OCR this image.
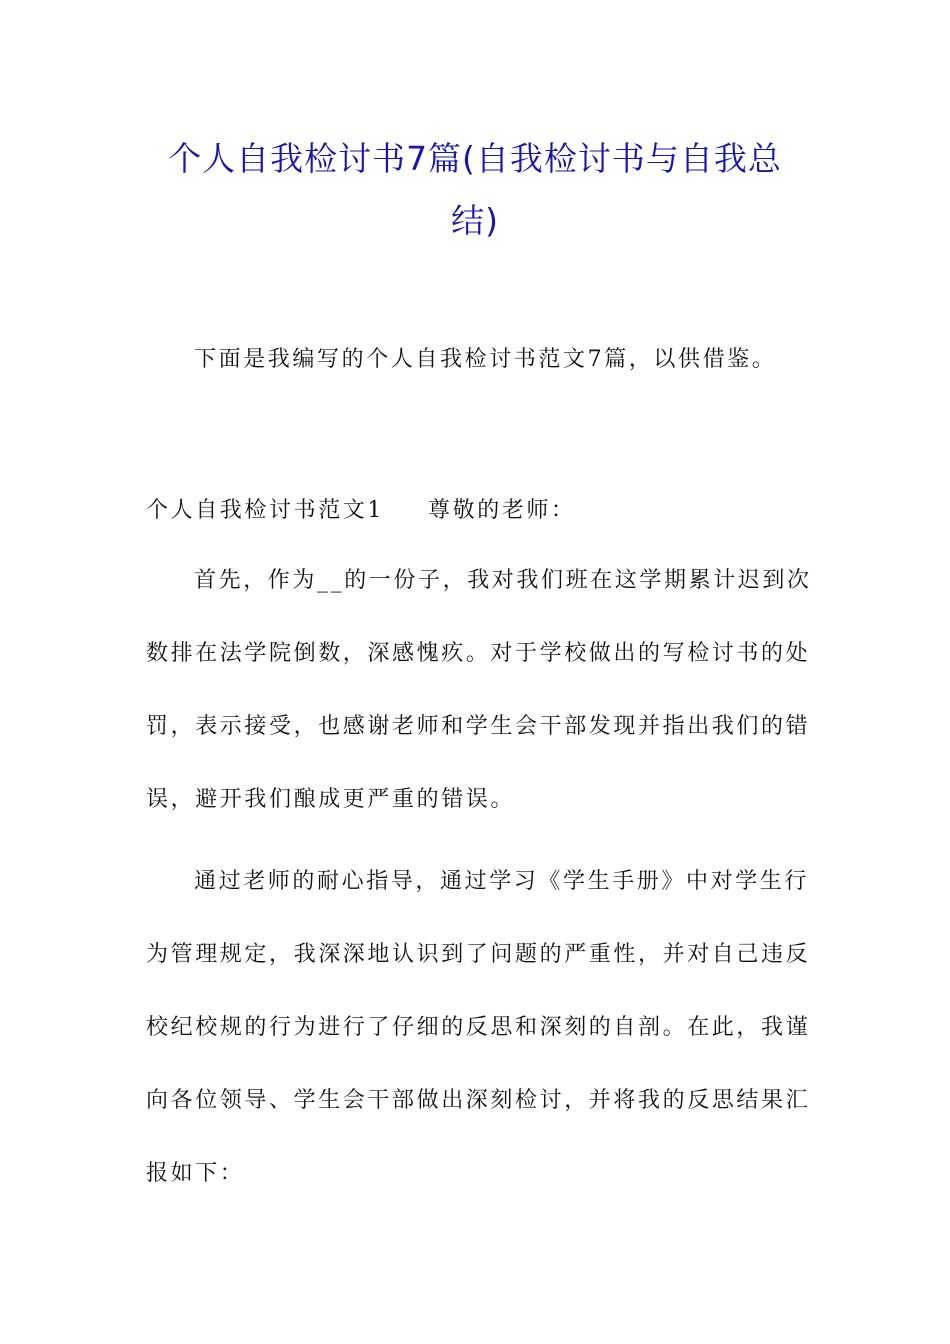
个人自我检讨书7篇(自我检讨书与自我总
结)
下面是我编写的个人自我检讨书范文7篇，以供借鉴。
个人自我检讨书范文1 尊敬的老师：
首先，作为__的一份子，我对我们班在这学期累计迟到次
数排在法学院倒数，深感愧疚。对于学校做出的写检讨书的处
罚，表示接受，也感谢老师和学生会干部发现并指出我们的错
误，避开我们酿成更严重的错误。
通过老师的耐心指导，通过学习《学生手册》中对学生行
为管理规定，我深深地认识到了问题的严重性，并对自己违反
校纪校规的行为进行了仔细的反思和深刻的自剖。在此，我谨
向各位领导、学生会干部做出深刻检讨，并将我的反思结果汇
报如下：
